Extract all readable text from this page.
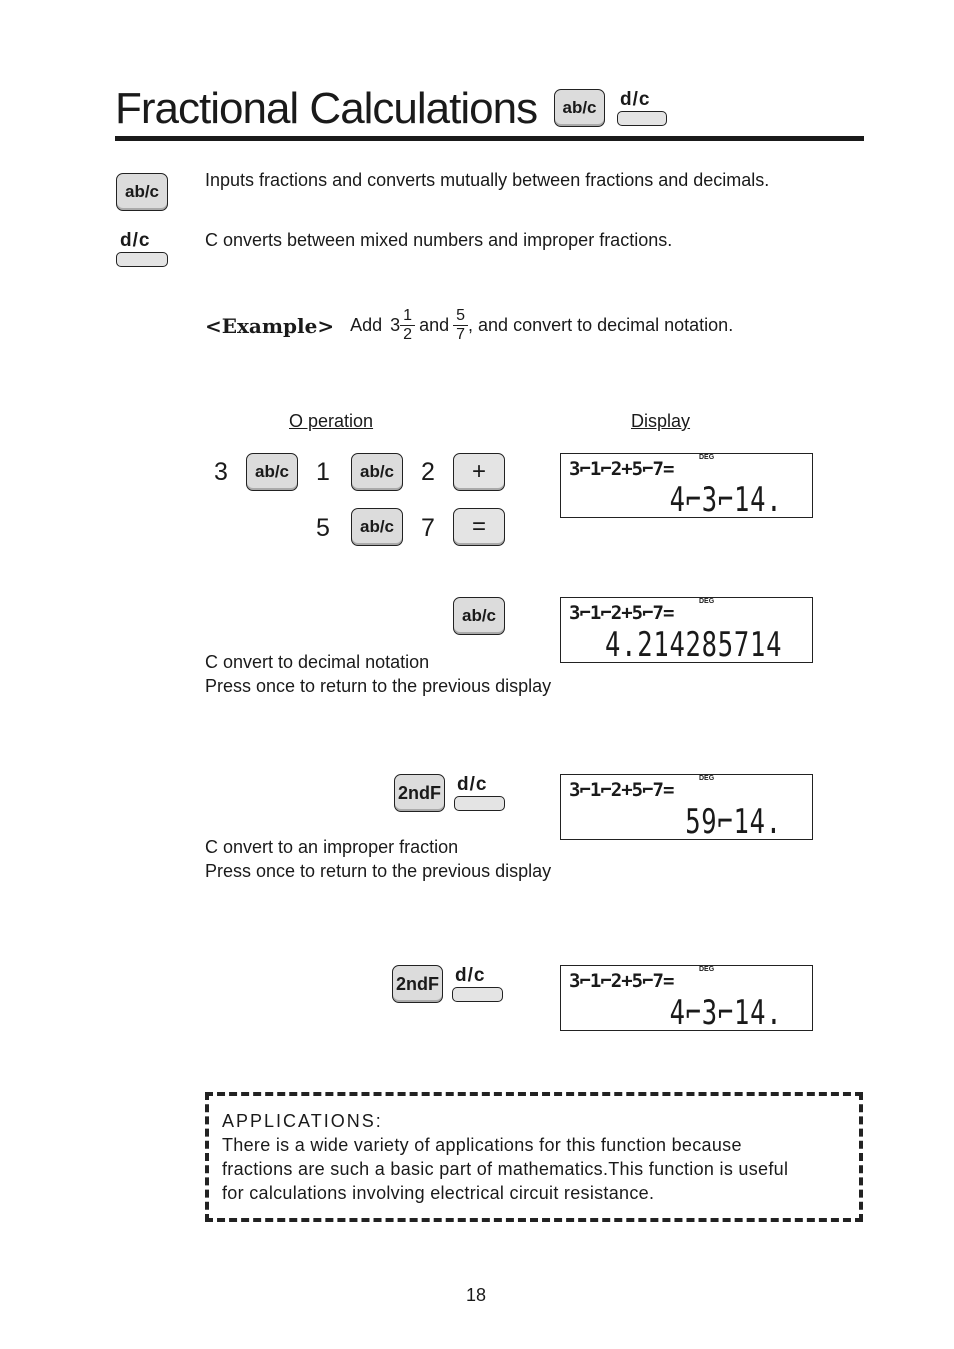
Fractional Calculations	ab/c	d/c
ab/c
Inputs fractions and converts mutually between fractions and decimals.
d/c	C onverts between mixed numbers and improper fractions.
<Example> Add $3 \frac{1}{2}$ and $\frac{5}{7}$ , and convert to decimal notation.
O peration	Display
3	ab/c	1	ab/c	2	+
5	ab/c	7	=
DEG
3⌐1⌐2+5⌐7=
4⌐3⌐14.
ab/c
DEG
3⌐1⌐2+5⌐7=
4.214285714
C onvert to decimal notation
Press once to return to the previous display
2ndF d/c	DEG
3⌐1⌐2+5⌐7=
59⌐14.
C onvert to an improper fraction
Press once to return to the previous display
2ndF d/c	DEG
3⌐1⌐2+5⌐7=
4⌐3⌐14.
APPLICATIONS:
There is a wide variety of applications for this function because
fractions are such a basic part of mathematics.This function is useful
for calculations involving electrical circuit resistance.
18
